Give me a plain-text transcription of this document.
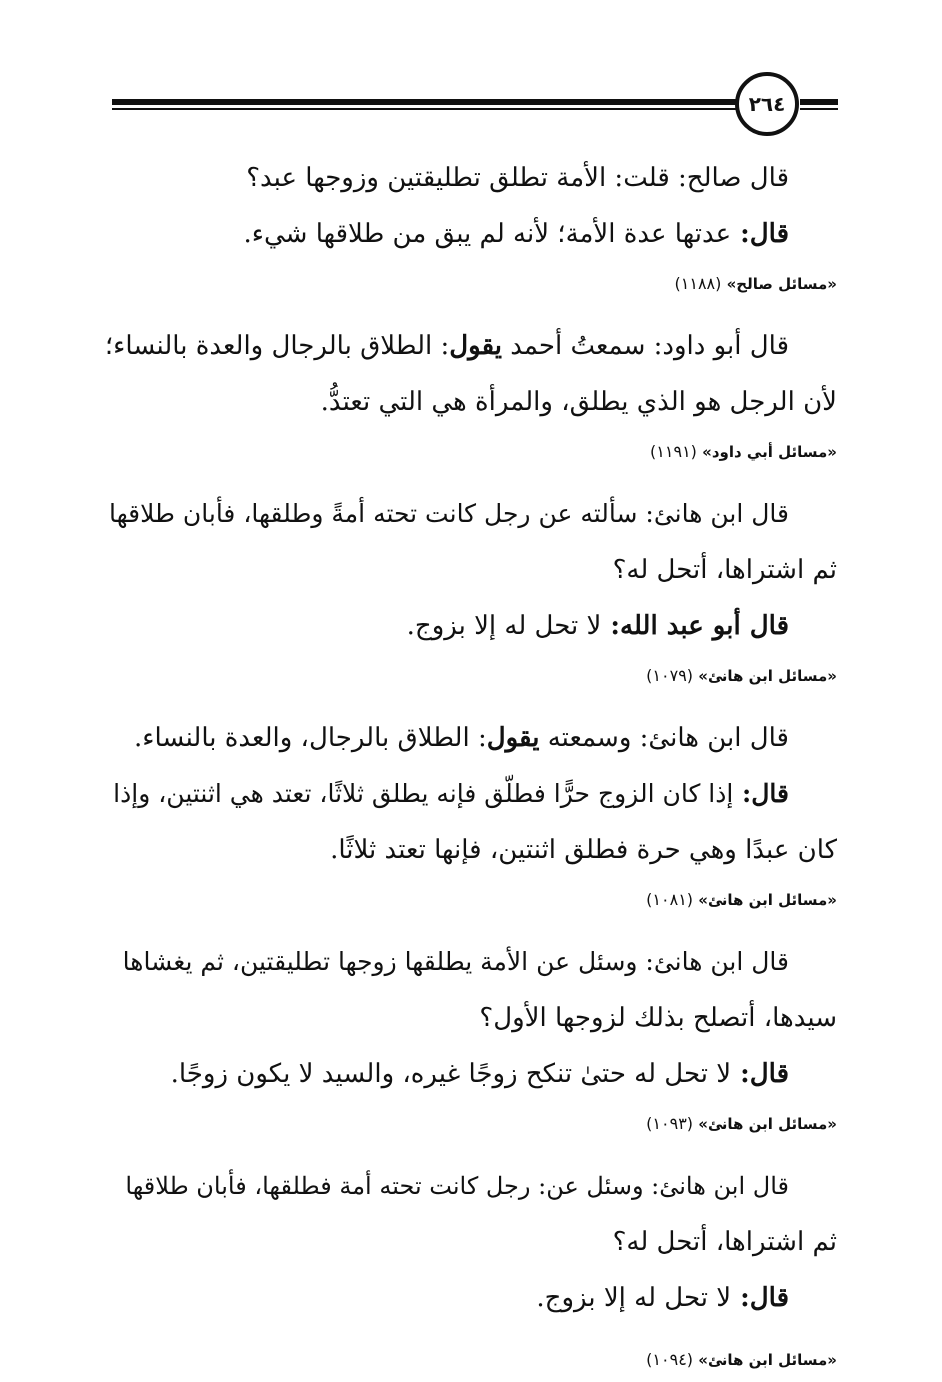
٢٦٤
قال صالح: قلت: الأمة تطلق تطليقتين وزوجها عبد؟
قال: عدتها عدة الأمة؛ لأنه لم يبق من طلاقها شيء.
«مسائل صالح» (١١٨٨)
قال أبو داود: سمعتُ أحمد يقول: الطلاق بالرجال والعدة بالنساء؛
لأن الرجل هو الذي يطلق، والمرأة هي التي تعتدُّ.
«مسائل أبي داود» (١١٩١)
قال ابن هانئ: سألته عن رجل كانت تحته أمةً وطلقها، فأبان طلاقها
ثم اشتراها، أتحل له؟
قال أبو عبد الله: لا تحل له إلا بزوج.
«مسائل ابن هانئ» (١٠٧٩)
قال ابن هانئ: وسمعته يقول: الطلاق بالرجال، والعدة بالنساء.
قال: إذا كان الزوج حرًّا فطلّق فإنه يطلق ثلاثًا، تعتد هي اثنتين، وإذا
كان عبدًا وهي حرة فطلق اثنتين، فإنها تعتد ثلاثًا.
«مسائل ابن هانئ» (١٠٨١)
قال ابن هانئ: وسئل عن الأمة يطلقها زوجها تطليقتين، ثم يغشاها
سيدها، أتصلح بذلك لزوجها الأول؟
قال: لا تحل له حتىٰ تنكح زوجًا غيره، والسيد لا يكون زوجًا.
«مسائل ابن هانئ» (١٠٩٣)
قال ابن هانئ: وسئل عن: رجل كانت تحته أمة فطلقها، فأبان طلاقها
ثم اشتراها، أتحل له؟
قال: لا تحل له إلا بزوج.
«مسائل ابن هانئ» (١٠٩٤)
